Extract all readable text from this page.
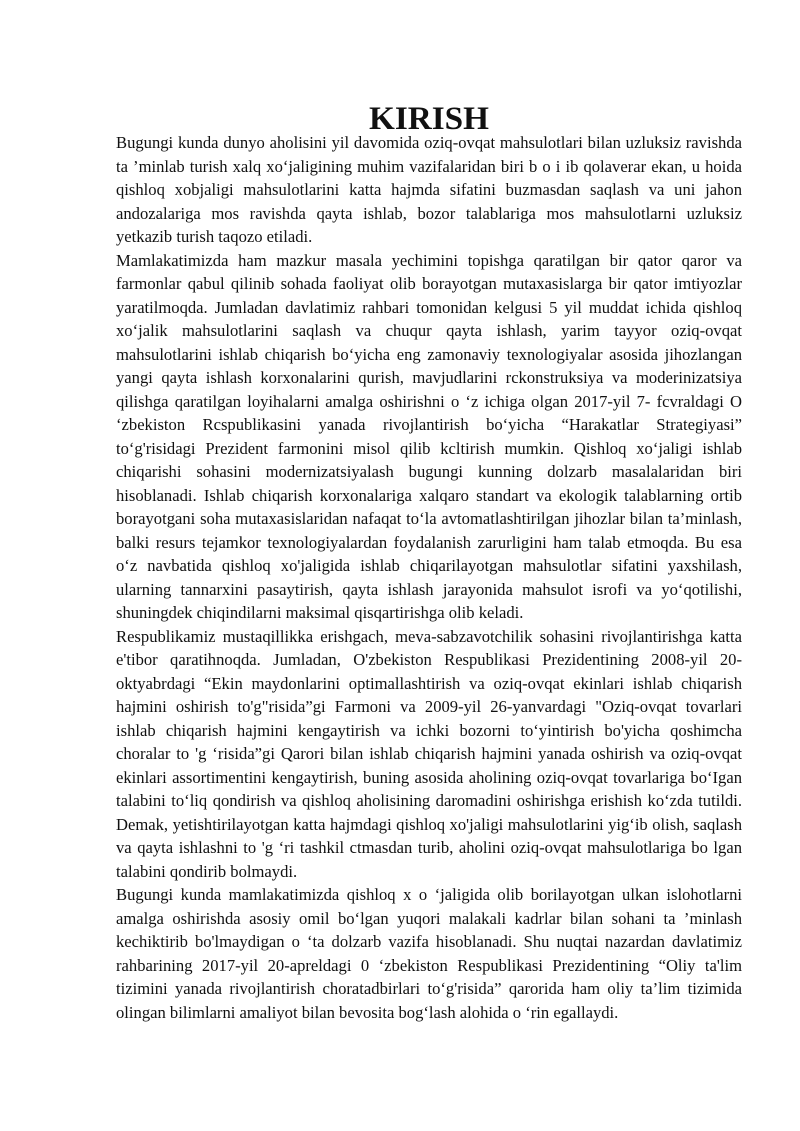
KIRISH

Bugungi kunda dunyo aholisini yil davomida oziq-ovqat mahsulotlari bilan uzluksiz ravishda ta ’minlab turish xalq xo‘jaligining muhim vazifalaridan biri b o i ib qolaverar ekan, u hoida qishloq xobjaligi mahsulotlarini katta hajmda sifatini buzmasdan saqlash va uni jahon andozalariga mos ravishda qayta ishlab, bozor talablariga mos mahsulotlarni uzluksiz yetkazib turish taqozo etiladi.

Mamlakatimizda ham mazkur masala yechimini topishga qaratilgan bir qator qaror va farmonlar qabul qilinib sohada faoliyat olib borayotgan mutaxasislarga bir qator imtiyozlar yaratilmoqda. Jumladan davlatimiz rahbari tomonidan kelgusi 5 yil muddat ichida qishloq xo‘jalik mahsulotlarini saqlash va chuqur qayta ishlash, yarim tayyor oziq-ovqat mahsulotlarini ishlab chiqarish bo‘yicha eng zamonaviy texnologiyalar asosida jihozlangan yangi qayta ishlash korxonalarini qurish, mavjudlarini rckonstruksiya va moderinizatsiya qilishga qaratilgan loyihalarni amalga oshirishni o ‘z ichiga olgan 2017-yil 7- fcvraldagi O ‘zbekiston Rcspublikasini yanada rivojlantirish bo‘yicha “Harakatlar Strategiyasi” to‘g'risidagi Prezident farmonini misol qilib kcltirish mumkin. Qishloq xo‘jaligi ishlab chiqarishi sohasini modernizatsiyalash bugungi kunning dolzarb masalalaridan biri hisoblanadi. Ishlab chiqarish korxonalariga xalqaro standart va ekologik talablarning ortib borayotgani soha mutaxasislaridan nafaqat to‘la avtomatlashtirilgan jihozlar bilan ta’minlash, balki resurs tejamkor texnologiyalardan foydalanish zarurligini ham talab etmoqda. Bu esa o‘z navbatida qishloq xo'jaligida ishlab chiqarilayotgan mahsulotlar sifatini yaxshilash, ularning tannarxini pasaytirish, qayta ishlash jarayonida mahsulot isrofi va yo‘qotilishi, shuningdek chiqindilarni maksimal qisqartirishga olib keladi.

Respublikamiz mustaqillikka erishgach, meva-sabzavotchilik sohasini rivojlantirishga katta e'tibor qaratihnoqda. Jumladan, O'zbekiston Respublikasi Prezidentining 2008-yil 20-oktyabrdagi “Ekin maydonlarini optimallashtirish va oziq-ovqat ekinlari ishlab chiqarish hajmini oshirish to'g"risida”gi Farmoni va 2009-yil 26-yanvardagi "Oziq-ovqat tovarlari ishlab chiqarish hajmini kengaytirish va ichki bozorni to‘yintirish bo'yicha qoshimcha choralar to 'g ‘risida”gi Qarori bilan ishlab chiqarish hajmini yanada oshirish va oziq-ovqat ekinlari assortimentini kengaytirish, buning asosida aholining oziq-ovqat tovarlariga bo‘Igan talabini to‘liq qondirish va qishloq aholisining daromadini oshirishga erishish ko‘zda tutildi. Demak, yetishtirilayotgan katta hajmdagi qishloq xo'jaligi mahsulotlarini yig‘ib olish, saqlash va qayta ishlashni to 'g ‘ri tashkil ctmasdan turib, aholini oziq-ovqat mahsulotlariga bo lgan talabini qondirib bolmaydi.

Bugungi kunda mamlakatimizda qishloq x o ‘jaligida olib borilayotgan ulkan islohotlarni amalga oshirishda asosiy omil bo‘lgan yuqori malakali kadrlar bilan sohani ta ’minlash kechiktirib bo'lmaydigan o ‘ta dolzarb vazifa hisoblanadi. Shu nuqtai nazardan davlatimiz rahbarining 2017-yil 20-apreldagi 0 ‘zbekiston Respublikasi Prezidentining “Oliy ta'lim tizimini yanada rivojlantirish choratadbirlari to‘g'risida” qarorida ham oliy ta’lim tizimida olingan bilimlarni amaliyot bilan bevosita bog‘lash alohida o ‘rin egallaydi.
